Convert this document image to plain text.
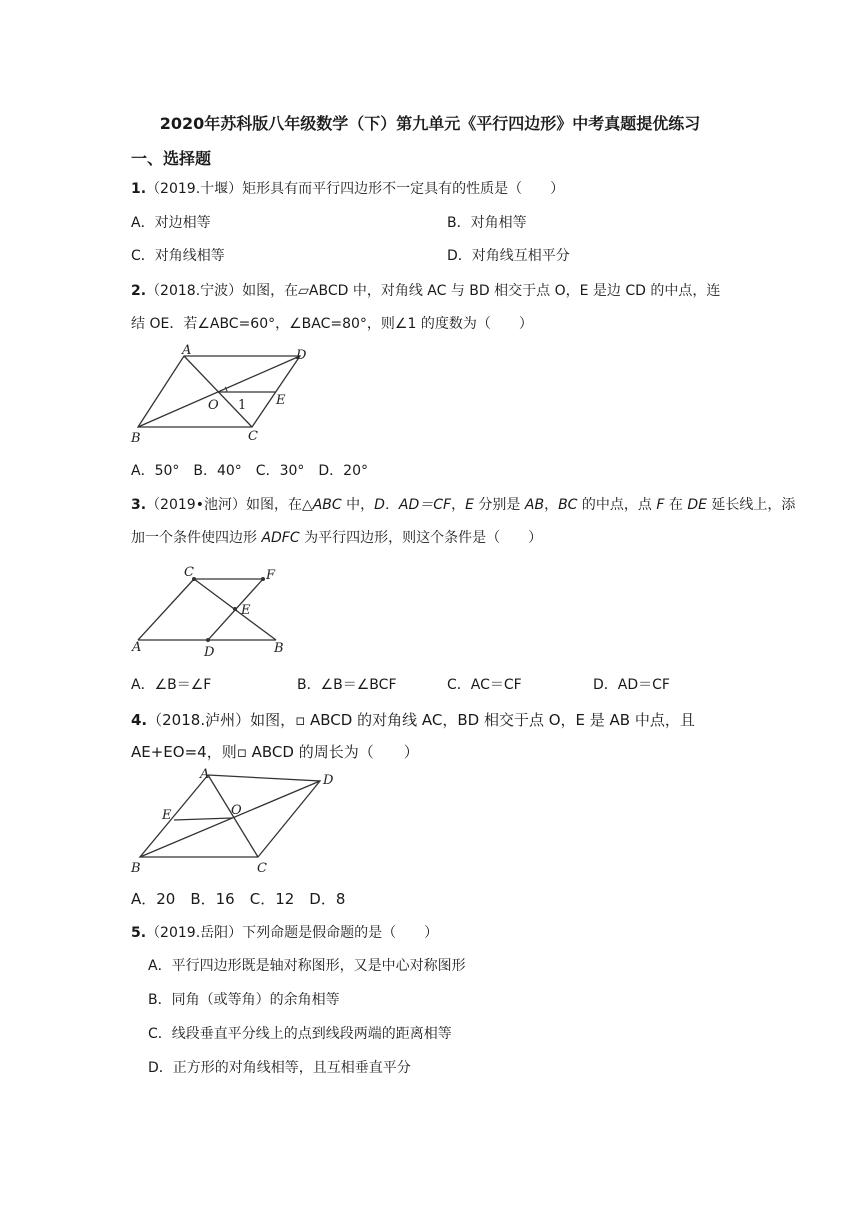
2020年苏科版八年级数学（下）第九单元《平行四边形》中考真题提优练习
一、选择题
1.（2019.十堰）矩形具有而平行四边形不一定具有的性质是（　　）
A．对边相等	B．对角相等
C．对角线相等	D．对角线互相平分
2.（2018.宁波）如图，在▱ABCD 中，对角线 AC 与 BD 相交于点 O，E 是边 CD 的中点，连
结 OE．若∠ABC=60°，∠BAC=80°，则∠1 的度数为（　　）
A	D
O 1 E
B	C
A．50°　B．40°　C．30°　D．20°
3.（2019•池河）如图，在△ABC 中，D．AD＝CF，E 分别是 AB，BC 的中点，点 F 在 DE 延长线上，添
加一个条件使四边形 ADFC 为平行四边形，则这个条件是（　　）
C	F
E
A	D	B
A．∠B＝∠F	B．∠B＝∠BCF	C．AC＝CF	D．AD＝CF
4.（2018.泸州）如图，▫ ABCD 的对角线 AC，BD 相交于点 O，E 是 AB 中点，且
AE+EO=4，则▫ ABCD 的周长为（　　）
A	D
E	O
B	C
A．20　B．16　C．12　D．8
5.（2019.岳阳）下列命题是假命题的是（　　）
A．平行四边形既是轴对称图形，又是中心对称图形
B．同角（或等角）的余角相等
C．线段垂直平分线上的点到线段两端的距离相等
D．正方形的对角线相等，且互相垂直平分
